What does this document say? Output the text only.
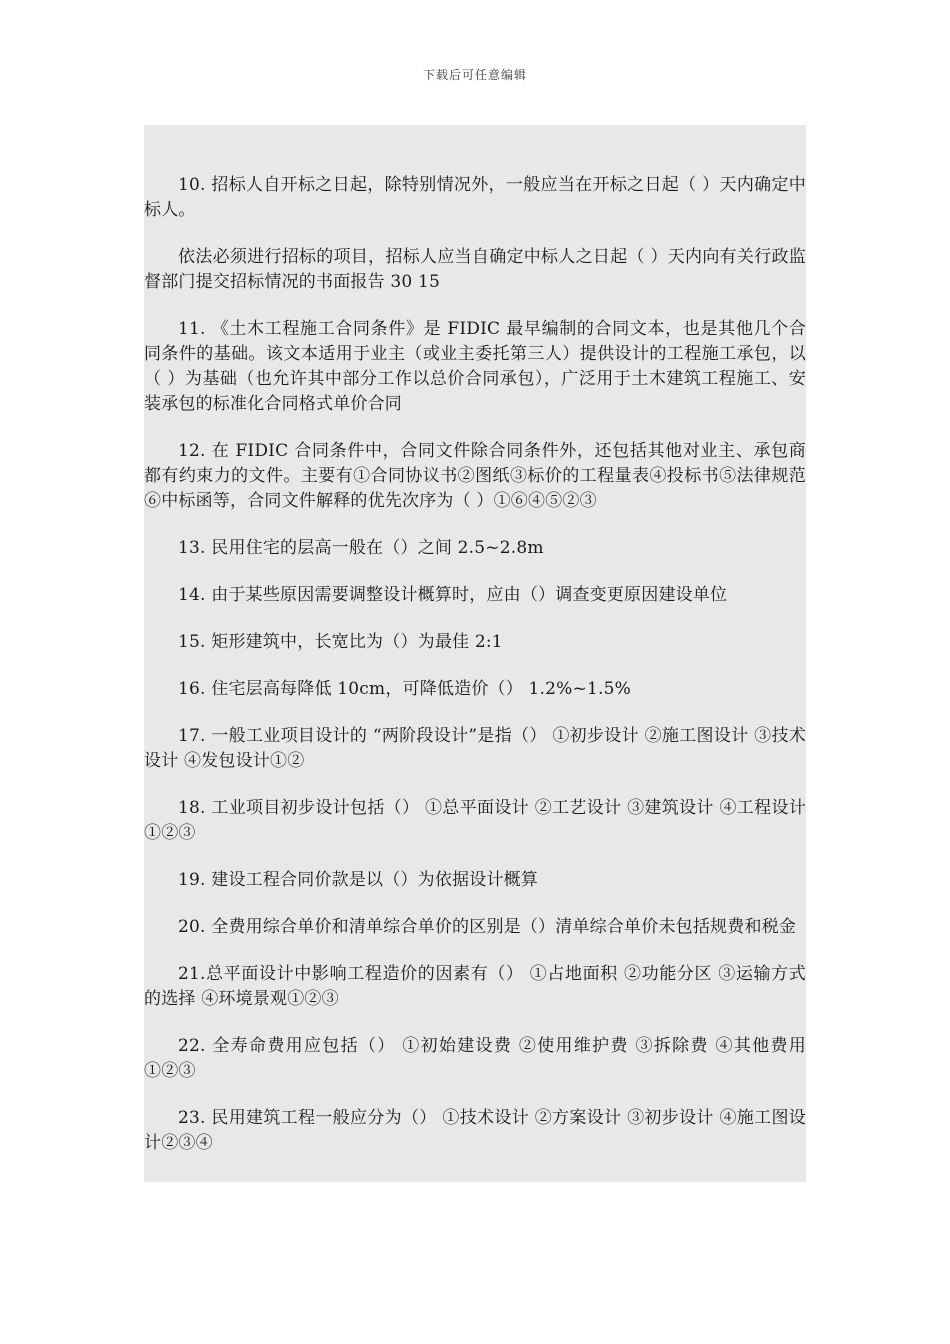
下载后可任意编辑

10. 招标人自开标之日起，除特别情况外，一般应当在开标之日起（ ）天内确定中标人。

依法必须进行招标的项目，招标人应当自确定中标人之日起（ ）天内向有关行政监督部门提交招标情况的书面报告 30 15

11. 《土木工程施工合同条件》是 FIDIC 最早编制的合同文本，也是其他几个合同条件的基础。该文本适用于业主（或业主委托第三人）提供设计的工程施工承包，以（ ）为基础（也允许其中部分工作以总价合同承包），广泛用于土木建筑工程施工、安装承包的标准化合同格式单价合同

12. 在 FIDIC 合同条件中，合同文件除合同条件外，还包括其他对业主、承包商都有约束力的文件。主要有①合同协议书②图纸③标价的工程量表④投标书⑤法律规范⑥中标函等，合同文件解释的优先次序为（ ）①⑥④⑤②③

13. 民用住宅的层高一般在（）之间 2.5~2.8m

14. 由于某些原因需要调整设计概算时，应由（）调查变更原因建设单位

15. 矩形建筑中，长宽比为（）为最佳 2:1

16. 住宅层高每降低 10cm，可降低造价（） 1.2%~1.5%

17. 一般工业项目设计的 “两阶段设计”是指（） ①初步设计 ②施工图设计 ③技术设计 ④发包设计①②

18. 工业项目初步设计包括（） ①总平面设计 ②工艺设计 ③建筑设计 ④工程设计①②③

19. 建设工程合同价款是以（）为依据设计概算

20. 全费用综合单价和清单综合单价的区别是（）清单综合单价未包括规费和税金

21.总平面设计中影响工程造价的因素有（） ①占地面积 ②功能分区 ③运输方式的选择 ④环境景观①②③

22. 全寿命费用应包括（） ①初始建设费 ②使用维护费 ③拆除费 ④其他费用①②③

23. 民用建筑工程一般应分为（） ①技术设计 ②方案设计 ③初步设计 ④施工图设计②③④
